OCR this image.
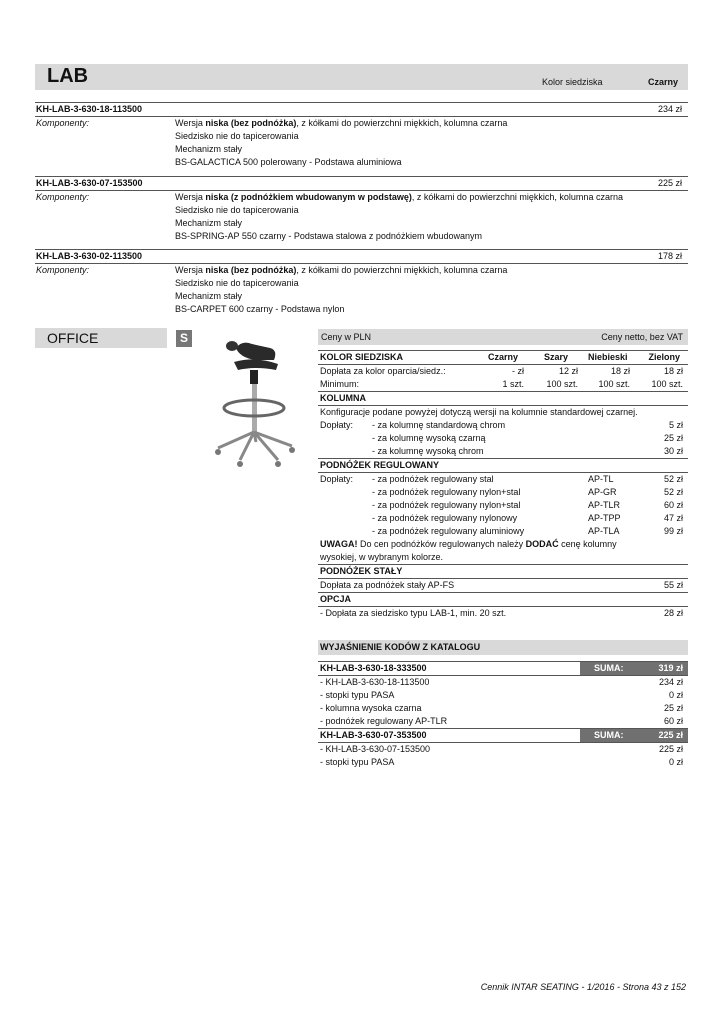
LAB	Kolor siedziska	Czarny
KH-LAB-3-630-18-113500	234 zł
Komponenty:	Wersja niska (bez podnóżka), z kółkami do powierzchni miękkich, kolumna czarna
Siedzisko nie do tapicerowania
Mechanizm stały
BS-GALACTICA 500 polerowany - Podstawa aluminiowa
KH-LAB-3-630-07-153500	225 zł
Komponenty:	Wersja niska (z podnóżkiem wbudowanym w podstawę), z kółkami do powierzchni miękkich, kolumna czarna
Siedzisko nie do tapicerowania
Mechanizm stały
BS-SPRING-AP 550 czarny - Podstawa stalowa z podnóżkiem wbudowanym
KH-LAB-3-630-02-113500	178 zł
Komponenty:	Wersja niska (bez podnóżka), z kółkami do powierzchni miękkich, kolumna czarna
Siedzisko nie do tapicerowania
Mechanizm stały
BS-CARPET 600 czarny - Podstawa nylon
OFFICE	S	Ceny w PLN	Ceny netto, bez VAT
KOLOR SIEDZISKA	Czarny	Szary Niebieski Zielony
Dopłata za kolor oparcia/siedz.:	- zł	12 zł	18 zł	18 zł
Minimum:	1 szt. 100 szt. 100 szt. 100 szt.
KOLUMNA
Konfiguracje podane powyżej dotyczą wersji na kolumnie standardowej czarnej.
Dopłaty: - za kolumnę standardową chrom	5 zł
- za kolumnę wysoką czarną	25 zł
- za kolumnę wysoką chrom	30 zł
PODNÓŻEK REGULOWANY
Dopłaty: - za podnóżek regulowany stal	AP-TL	52 zł
- za podnóżek regulowany nylon+stal	AP-GR	52 zł
- za podnóżek regulowany nylon+stal	AP-TLR	60 zł
- za podnóżek regulowany nylonowy	AP-TPP	47 zł
- za podnóżek regulowany aluminiowy	AP-TLA	99 zł
UWAGA! Do cen podnóżków regulowanych należy DODAĆ cenę kolumny
wysokiej, w wybranym kolorze.
PODNÓŻEK STAŁY
Dopłata za podnóżek stały AP-FS	55 zł
OPCJA
- Dopłata za siedzisko typu LAB-1, min. 20 szt.	28 zł
WYJAŚNIENIE KODÓW Z KATALOGU
KH-LAB-3-630-18-333500	SUMA:	319 zł
- KH-LAB-3-630-18-113500	234 zł
- stopki typu PASA	0 zł
- kolumna wysoka czarna	25 zł
- podnóżek regulowany AP-TLR	60 zł
KH-LAB-3-630-07-353500	SUMA:	225 zł
- KH-LAB-3-630-07-153500	225 zł
- stopki typu PASA	0 zł
Cennik INTAR SEATING - 1/2016 - Strona 43 z 152
